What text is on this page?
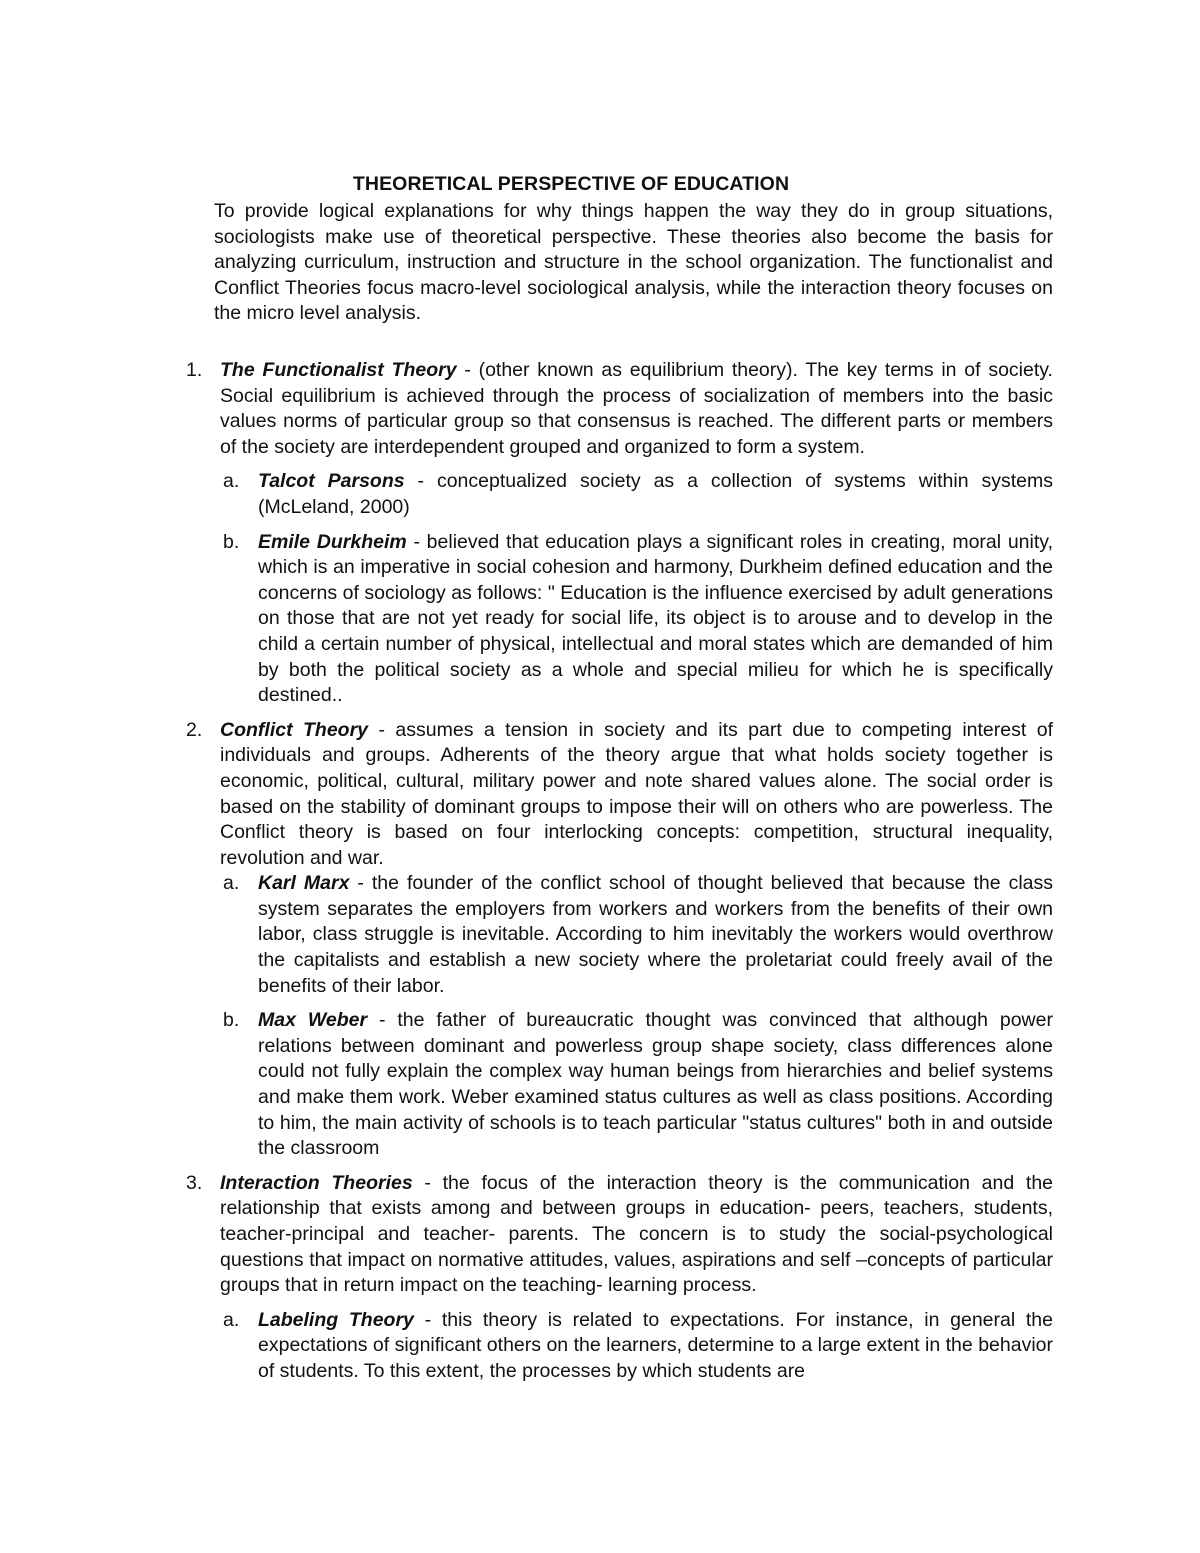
THEORETICAL PERSPECTIVE OF EDUCATION

To provide logical explanations for why things happen the way they do in group situations, sociologists make use of theoretical perspective. These theories also become the basis for analyzing curriculum, instruction and structure in the school organization. The functionalist and Conflict Theories focus macro-level sociological analysis, while the interaction theory focuses on the micro level analysis.

1. The Functionalist Theory - (other known as equilibrium theory). The key terms in of society. Social equilibrium is achieved through the process of socialization of members into the basic values norms of particular group so that consensus is reached. The different parts or members of the society are interdependent grouped and organized to form a system.
a. Talcot Parsons - conceptualized society as a collection of systems within systems (McLeland, 2000)
b. Emile Durkheim - believed that education plays a significant roles in creating, moral unity, which is an imperative in social cohesion and harmony, Durkheim defined education and the concerns of sociology as follows: " Education is the influence exercised by adult generations on those that are not yet ready for social life, its object is to arouse and to develop in the child a certain number of physical, intellectual and moral states which are demanded of him by both the political society as a whole and special milieu for which he is specifically destined..
2. Conflict Theory - assumes a tension in society and its part due to competing interest of individuals and groups. Adherents of the theory argue that what holds society together is economic, political, cultural, military power and note shared values alone. The social order is based on the stability of dominant groups to impose their will on others who are powerless. The Conflict theory is based on four interlocking concepts: competition, structural inequality, revolution and war.
a. Karl Marx - the founder of the conflict school of thought believed that because the class system separates the employers from workers and workers from the benefits of their own labor, class struggle is inevitable. According to him inevitably the workers would overthrow the capitalists and establish a new society where the proletariat could freely avail of the benefits of their labor.
b. Max Weber - the father of bureaucratic thought was convinced that although power relations between dominant and powerless group shape society, class differences alone could not fully explain the complex way human beings from hierarchies and belief systems and make them work. Weber examined status cultures as well as class positions. According to him, the main activity of schools is to teach particular "status cultures" both in and outside the classroom
3. Interaction Theories - the focus of the interaction theory is the communication and the relationship that exists among and between groups in education- peers, teachers, students, teacher-principal and teacher- parents. The concern is to study the social-psychological questions that impact on normative attitudes, values, aspirations and self –concepts of particular groups that in return impact on the teaching- learning process.
a. Labeling Theory - this theory is related to expectations. For instance, in general the expectations of significant others on the learners, determine to a large extent in the behavior of students. To this extent, the processes by which students are
